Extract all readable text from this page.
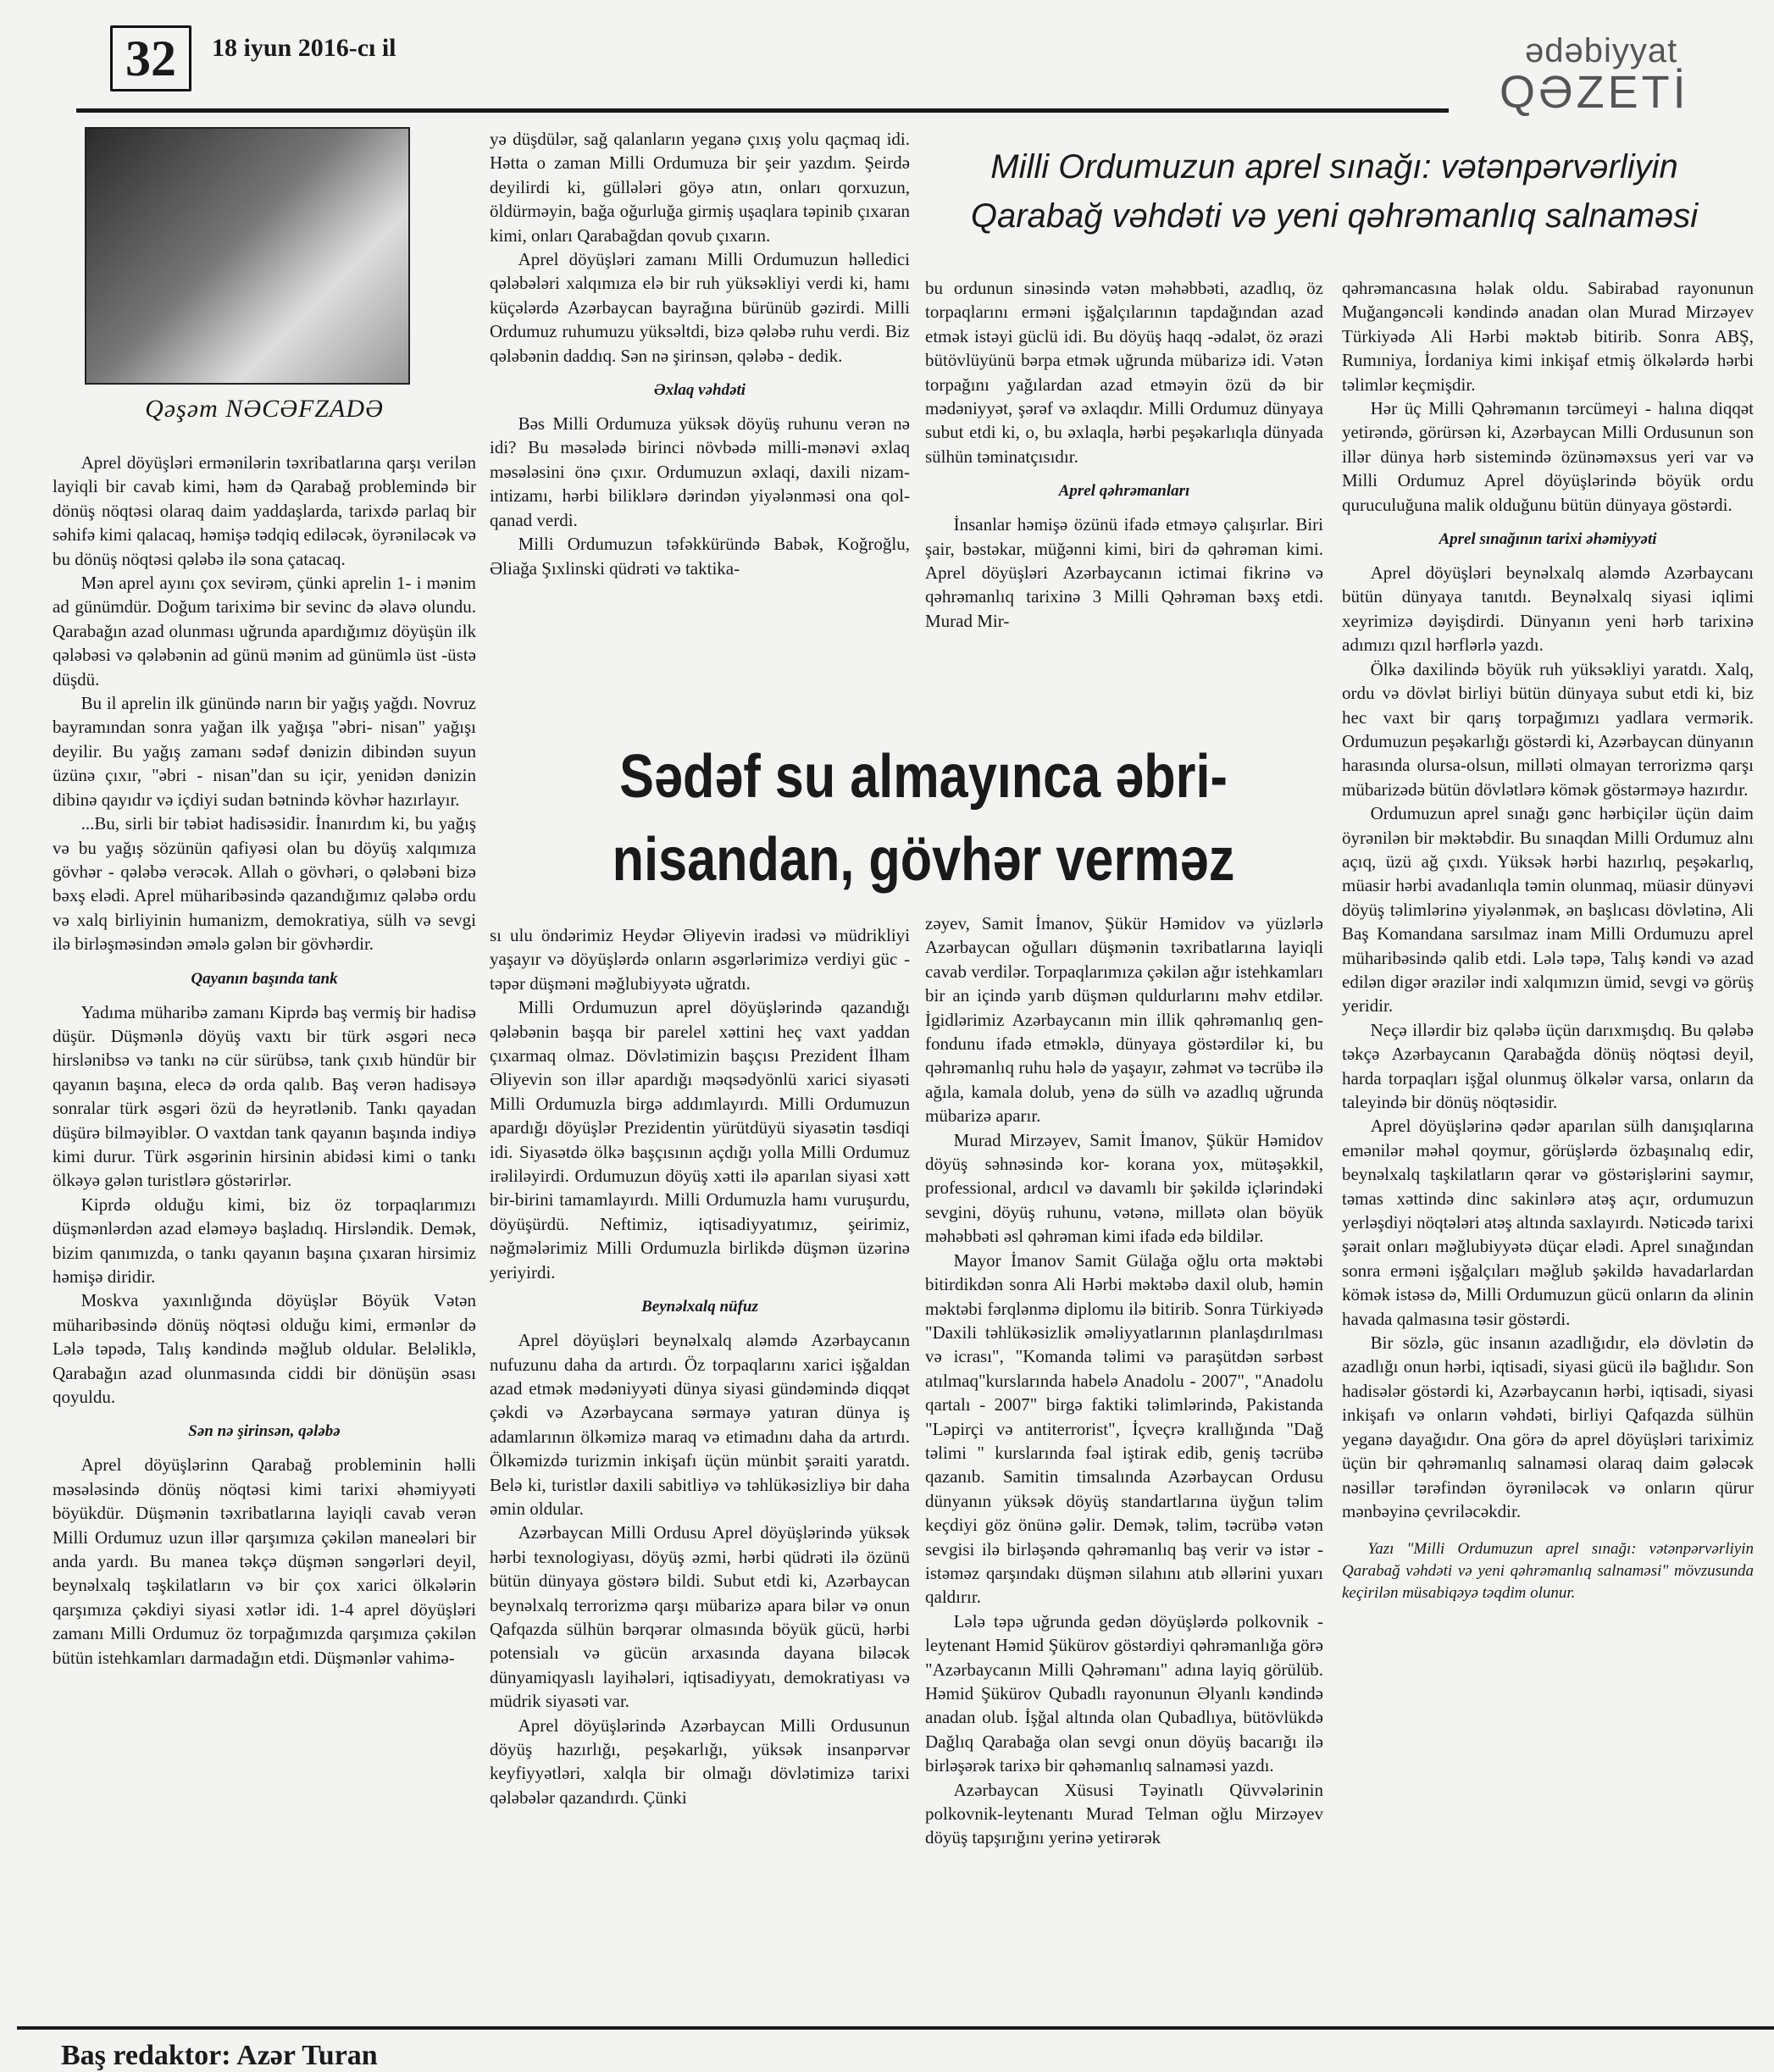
32	18 iyun 2016-cı il	ədəbiyyat
QƏZETİ
Qəşəm NƏCƏFZADƏ
Milli Ordumuzun aprel sınağı: vətənpərvərliyin Qarabağ vəhdəti və yeni qəhrəmanlıq salnaməsi

Aprel döyüşləri ermənilərin təxribatlarına qarşı verilən layiqli bir cavab kimi, həm də Qarabağ problemində bir dönüş nöqtəsi olaraq daim yaddaşlarda, tarixdə parlaq bir səhifə kimi qalacaq, həmişə tədqiq ediləcək, öyrəniləcək və bu dönüş nöqtəsi qələbə ilə sona çatacaq.

Mən aprel ayını çox sevirəm, çünki aprelin 1- i mənim ad günümdür. Doğum tariximə bir sevinc də əlavə olundu. Qarabağın azad olunması uğrunda apardığımız döyüşün ilk qələbəsi və qələbənin ad günü mənim ad günümlə üst -üstə düşdü.

Bu il aprelin ilk günündə narın bir yağış yağdı. Novruz bayramından sonra yağan ilk yağışa "əbri- nisan" yağışı deyilir. Bu yağış zamanı sədəf dənizin dibindən suyun üzünə çıxır, "əbri - nisan"dan su içir, yenidən dənizin dibinə qayıdır və içdiyi sudan bətnində kövhər hazırlayır.

...Bu, sirli bir təbiət hadisəsidir. İnanırdım ki, bu yağış və bu yağış sözünün qafiyəsi olan bu döyüş xalqımıza gövhər - qələbə verəcək. Allah o gövhəri, o qələbəni bizə bəxş elədi. Aprel müharibəsində qazandığımız qələbə ordu və xalq birliyinin humanizm, demokratiya, sülh və sevgi ilə birləşməsindən əmələ gələn bir gövhərdir.

Qayanın başında tank

Yadıma müharibə zamanı Kiprdə baş vermiş bir hadisə düşür. Düşmənlə döyüş vaxtı bir türk əsgəri necə hirslənibsə və tankı nə cür sürübsə, tank çıxıb hündür bir qayanın başına, elecə də orda qalıb. Baş verən hadisəyə sonralar türk əsgəri özü də heyrətlənib. Tankı qayadan düşürə bilməyiblər. O vaxtdan tank qayanın başında indiyə kimi durur. Türk əsgərinin hirsinin abidəsi kimi o tankı ölkəyə gələn turistlərə göstərirlər.

Kiprdə olduğu kimi, biz öz torpaqlarımızı düşmənlərdən azad eləməyə başladıq. Hirsləndik. Demək, bizim qanımızda, o tankı qayanın başına çıxaran hirsimiz həmişə diridir.

Moskva yaxınlığında döyüşlər Böyük Vətən müharibəsində dönüş nöqtəsi olduğu kimi, ermənlər də Lələ təpədə, Talış kəndində məğlub oldular. Beləliklə, Qarabağın azad olunmasında ciddi bir dönüşün əsası qoyuldu.

Sən nə şirinsən, qələbə

Aprel döyüşlərinn Qarabağ probleminin həlli məsələsində dönüş nöqtəsi kimi tarixi əhəmiyyəti böyükdür. Düşmənin təxribatlarına layiqli cavab verən Milli Ordumuz uzun illər qarşımıza çəkilən maneələri bir anda yardı. Bu manea təkçə düşmən səngərləri deyil, beynəlxalq təşkilatların və bir çox xarici ölkələrin qarşımıza çəkdiyi siyasi xətlər idi. 1-4 aprel döyüşləri zamanı Milli Ordumuz öz torpağımızda qarşımıza çəkilən bütün istehkamları darmadağın etdi. Düşmənlər vahimə-

yə düşdülər, sağ qalanların yeganə çıxış yolu qaçmaq idi. Hətta o zaman Milli Ordumuza bir şeir yazdım. Şeirdə deyilirdi ki, güllələri göyə atın, onları qorxuzun, öldürməyin, bağa oğurluğa girmiş uşaqlara təpinib çıxaran kimi, onları Qarabağdan qovub çıxarın.

Aprel döyüşləri zamanı Milli Ordumuzun həlledici qələbələri xalqımıza elə bir ruh yüksəkliyi verdi ki, hamı küçələrdə Azərbaycan bayrağına bürünüb gəzirdi. Milli Ordumuz ruhumuzu yüksəltdi, bizə qələbə ruhu verdi. Biz qələbənin daddıq. Sən nə şirinsən, qələbə - dedik.

Əxlaq vəhdəti

Bəs Milli Ordumuza yüksək döyüş ruhunu verən nə idi? Bu məsələdə birinci növbədə milli-mənəvi əxlaq məsələsini önə çıxır. Ordumuzun əxlaqi, daxili nizam-intizamı, hərbi biliklərə dərindən yiyələnməsi ona qol-qanad verdi.

Milli Ordumuzun təfəkküründə Babək, Koğroğlu, Əliağa Şıxlinski qüdrəti və taktika-

bu ordunun sinəsində vətən məhəbbəti, azadlıq, öz torpaqlarını erməni işğalçılarının tapdağından azad etmək istəyi güclü idi. Bu döyüş haqq -ədalət, öz ərazi bütövlüyünü bərpa etmək uğrunda mübarizə idi. Vətən torpağını yağılardan azad etməyin özü də bir mədəniyyət, şərəf və əxlaqdır. Milli Ordumuz dünyaya subut etdi ki, o, bu əxlaqla, hərbi peşəkarlıqla dünyada sülhün təminatçısıdır.

Aprel qəhrəmanları

İnsanlar həmişə özünü ifadə etməyə çalışırlar. Biri şair, bəstəkar, müğənni kimi, biri də qəhrəman kimi. Aprel döyüşləri Azərbaycanın ictimai fikrinə və qəhrəmanlıq tarixinə 3 Milli Qəhrəman bəxş etdi. Murad Mir-

Sədəf su almayınca əbri-nisandan, gövhər verməz

sı ulu öndərimiz Heydər Əliyevin iradəsi və müdrikliyi yaşayır və döyüşlərdə onların əsgərlərimizə verdiyi güc - təpər düşməni məğlubiyyətə uğratdı.

Milli Ordumuzun aprel döyüşlərində qazandığı qələbənin başqa bir parelel xəttini heç vaxt yaddan çıxarmaq olmaz. Dövlətimizin başçısı Prezident İlham Əliyevin son illər apardığı məqsədyönlü xarici siyasəti Milli Ordumuzla birgə addımlayırdı. Milli Ordumuzun apardığı döyüşlər Prezidentin yürütdüyü siyasətin təsdiqi idi. Siyasətdə ölkə başçısının açdığı yolla Milli Ordumuz irəliləyirdi. Ordumuzun döyüş xətti ilə aparılan siyasi xətt bir-birini tamamlayırdı. Milli Ordumuzla hamı vuruşurdu, döyüşürdü. Neftimiz, iqtisadiyyatımız, şeirimiz, nəğmələrimiz Milli Ordumuzla birlikdə düşmən üzərinə yeriyirdi.

Beynəlxalq nüfuz

Aprel döyüşləri beynəlxalq aləmdə Azərbaycanın nufuzunu daha da artırdı. Öz torpaqlarını xarici işğaldan azad etmək mədəniyyəti dünya siyasi gündəmində diqqət çəkdi və Azərbaycana sərmayə yatıran dünya iş adamlarının ölkəmizə maraq və etimadını daha da artırdı. Ölkəmizdə turizmin inkişafı üçün münbit şəraiti yaratdı. Belə ki, turistlər daxili sabitliyə və təhlükəsizliyə bir daha əmin oldular.

Azərbaycan Milli Ordusu Aprel döyüşlərində yüksək hərbi texnologiyası, döyüş əzmi, hərbi qüdrəti ilə özünü bütün dünyaya göstərə bildi. Subut etdi ki, Azərbaycan beynəlxalq terrorizmə qarşı mübarizə apara bilər və onun Qafqazda sülhün bərqərar olmasında böyük gücü, hərbi potensialı və gücün arxasında dayana biləcək dünyamiqyaslı layihələri, iqtisadiyyatı, demokratiyası və müdrik siyasəti var.

Aprel döyüşlərində Azərbaycan Milli Ordusunun döyüş hazırlığı, peşəkarlığı, yüksək insanpərvər keyfiyyətləri, xalqla bir olmağı dövlətimizə tarixi qələbələr qazandırdı. Çünki

zəyev, Samit İmanov, Şükür Həmidov və yüzlərlə Azərbaycan oğulları düşmənin təxribatlarına layiqli cavab verdilər. Torpaqlarımıza çəkilən ağır istehkamları bir an içində yarıb düşmən quldurlarını məhv etdilər. İgidlərimiz Azərbaycanın min illik qəhrəmanlıq gen- fondunu ifadə etməklə, dünyaya göstərdilər ki, bu qəhrəmanlıq ruhu hələ də yaşayır, zəhmət və təcrübə ilə ağıla, kamala dolub, yenə də sülh və azadlıq uğrunda mübarizə aparır.

Murad Mirzəyev, Samit İmanov, Şükür Həmidov döyüş səhnəsində kor- korana yox, mütəşəkkil, professional, ardıcıl və davamlı bir şəkildə içlərindəki sevgini, döyüş ruhunu, vətənə, millətə olan böyük məhəbbəti əsl qəhrəman kimi ifadə edə bildilər.

Mayor İmanov Samit Gülağa oğlu orta məktəbi bitirdikdən sonra Ali Hərbi məktəbə daxil olub, həmin məktəbi fərqlənmə diplomu ilə bitirib. Sonra Türkiyədə "Daxili təhlükəsizlik əməliyyatlarının planlaşdırılması və icrası", "Komanda təlimi və paraşütdən sərbəst atılmaq"kurslarında habelə Anadolu - 2007", "Anadolu qartalı - 2007" birgə faktiki təlimlərində, Pakistanda "Ləpirçi və antiterrorist", İçveçrə krallığında "Dağ təlimi " kurslarında fəal iştirak edib, geniş təcrübə qazanıb. Samitin timsalında Azərbaycan Ordusu dünyanın yüksək döyüş standartlarına üyğun təlim keçdiyi göz önünə gəlir. Demək, təlim, təcrübə vətən sevgisi ilə birləşəndə qəhrəmanlıq baş verir və istər - istəməz qarşındakı düşmən silahını atıb əllərini yuxarı qaldırır.

Lələ təpə uğrunda gedən döyüşlərdə polkovnik - leytenant Həmid Şükürov göstərdiyi qəhrəmanlığa görə "Azərbaycanın Milli Qəhrəmanı" adına layiq görülüb. Həmid Şükürov Qubadlı rayonunun Əlyanlı kəndində anadan olub. İşğal altında olan Qubadlıya, bütövlükdə Dağlıq Qarabağa olan sevgi onun döyüş bacarığı ilə birləşərək tarixə bir qəhəmanlıq salnaməsi yazdı.

Azərbaycan Xüsusi Təyinatlı Qüvvələrinin polkovnik-leytenantı Murad Telman oğlu Mirzəyev döyüş tapşırığını yerinə yetirərək

qəhrəmancasına həlak oldu. Sabirabad rayonunun Muğangəncəli kəndində anadan olan Murad Mirzəyev Türkiyədə Ali Hərbi məktəb bitirib. Sonra ABŞ, Rumıniya, İordaniya kimi inkişaf etmiş ölkələrdə hərbi təlimlər keçmişdir.

Hər üç Milli Qəhrəmanın tərcümeyi - halına diqqət yetirəndə, görürsən ki, Azərbaycan Milli Ordusunun son illər dünya hərb sistemində özünəməxsus yeri var və Milli Ordumuz Aprel döyüşlərində böyük ordu quruculuğuna malik olduğunu bütün dünyaya göstərdi.

Aprel sınağının tarixi əhəmiyyəti

Aprel döyüşləri beynəlxalq aləmdə Azərbaycanı bütün dünyaya tanıtdı. Beynəlxalq siyasi iqlimi xeyrimizə dəyişdirdi. Dünyanın yeni hərb tarixinə adımızı qızıl hərflərlə yazdı.

Ölkə daxilində böyük ruh yüksəkliyi yaratdı. Xalq, ordu və dövlət birliyi bütün dünyaya subut etdi ki, biz hec vaxt bir qarış torpağımızı yadlara vermərik. Ordumuzun peşəkarlığı göstərdi ki, Azərbaycan dünyanın harasında olursa-olsun, milləti olmayan terrorizmə qarşı mübarizədə bütün dövlətlərə kömək göstərməyə hazırdır.

Ordumuzun aprel sınağı gənc hərbiçilər üçün daim öyrənilən bir məktəbdir. Bu sınaqdan Milli Ordumuz alnı açıq, üzü ağ çıxdı. Yüksək hərbi hazırlıq, peşəkarlıq, müasir hərbi avadanlıqla təmin olunmaq, müasir dünyəvi döyüş təlimlərinə yiyələnmək, ən başlıcası dövlətinə, Ali Baş Komandana sarsılmaz inam Milli Ordumuzu aprel müharibəsində qalib etdi. Lələ təpə, Talış kəndi və azad edilən digər ərazilər indi xalqımızın ümid, sevgi və görüş yeridir.

Neçə illərdir biz qələbə üçün darıxmışdıq. Bu qələbə təkçə Azərbaycanın Qarabağda dönüş nöqtəsi deyil, harda torpaqları işğal olunmuş ölkələr varsa, onların da taleyində bir dönüş nöqtəsidir.

Aprel döyüşlərinə qədər aparılan sülh danışıqlarına emənilər məhəl qoymur, görüşlərdə özbaşınalıq edir, beynəlxalq taşkilatların qərar və göstərişlərini saymır, təmas xəttində dinc sakinlərə atəş açır, ordumuzun yerləşdiyi nöqtələri atəş altında saxlayırdı. Nəticədə tarixi şərait onları məğlubiyyətə düçar elədi. Aprel sınağından sonra erməni işğalçıları məğlub şəkildə havadarlardan kömək istəsə də, Milli Ordumuzun gücü onların da əlinin havada qalmasına təsir göstərdi.

Bir sözlə, güc insanın azadlığıdır, elə dövlətin də azadlığı onun hərbi, iqtisadi, siyasi gücü ilə bağlıdır. Son hadisələr göstərdi ki, Azərbaycanın hərbi, iqtisadi, siyasi inkişafı və onların vəhdəti, birliyi Qafqazda sülhün yeganə dayağıdır. Ona görə də aprel döyüşləri tarixi̇miz üçün bir qəhrəmanlıq salnaməsi olaraq daim gələcək nəsillər tərəfindən öyrəniləcək və onların qürur mənbəyinə çevriləcəkdir.

Yazı "Milli Ordumuzun aprel sınağı: vətənpərvərliyin Qarabağ vəhdəti və yeni qəhrəmanlıq salnaməsi" mövzusunda keçirilən müsabiqəyə təqdim olunur.
Baş redaktor: Azər Turan
